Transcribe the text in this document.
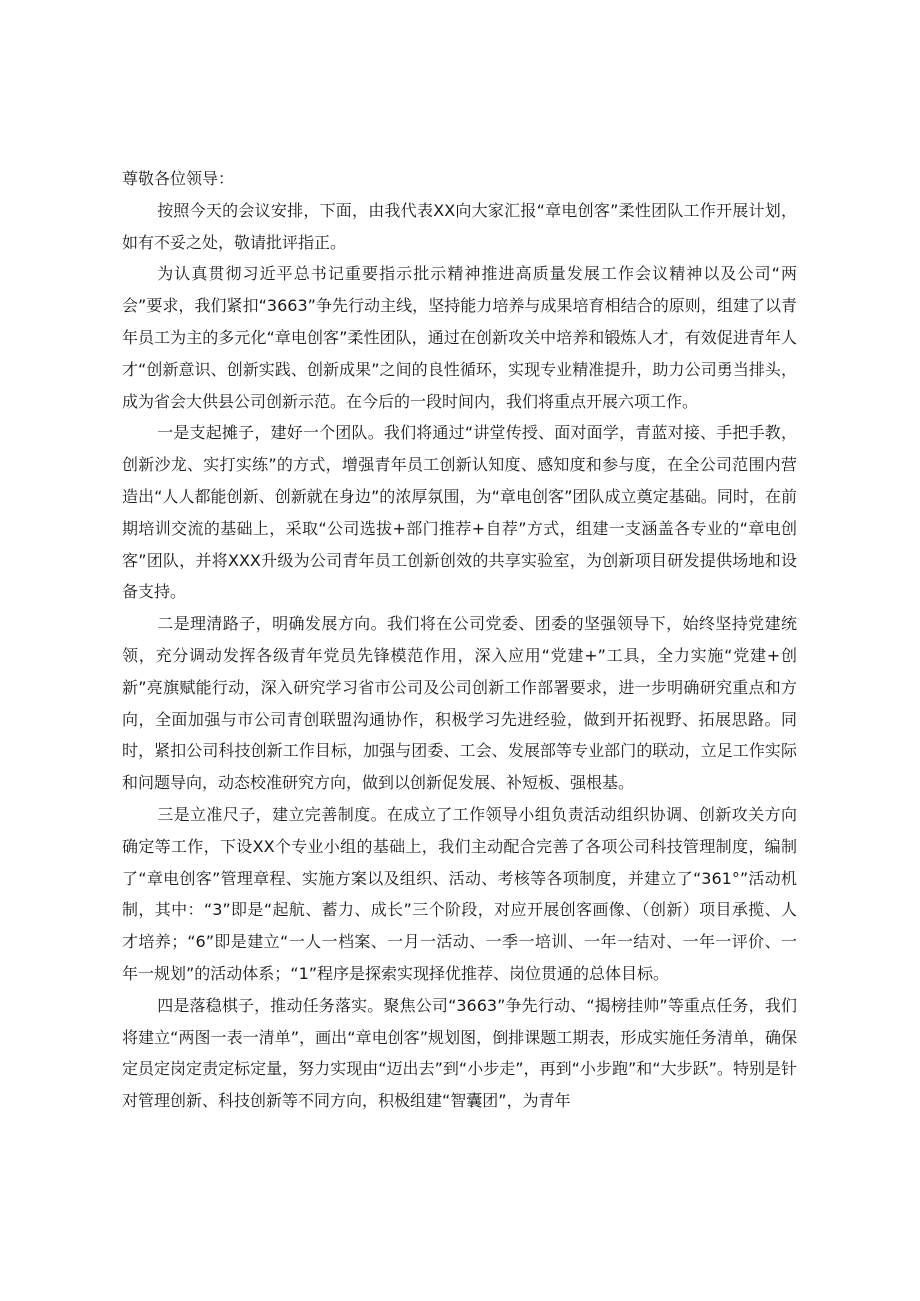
尊敬各位领导：

按照今天的会议安排，下面，由我代表XX向大家汇报“章电创客”柔性团队工作开展计划，如有不妥之处，敬请批评指正。

为认真贯彻习近平总书记重要指示批示精神推进高质量发展工作会议精神以及公司“两会”要求，我们紧扣“3663”争先行动主线，坚持能力培养与成果培育相结合的原则，组建了以青年员工为主的多元化“章电创客”柔性团队，通过在创新攻关中培养和锻炼人才，有效促进青年人才“创新意识、创新实践、创新成果”之间的良性循环，实现专业精准提升，助力公司勇当排头，成为省会大供县公司创新示范。在今后的一段时间内，我们将重点开展六项工作。

一是支起摊子，建好一个团队。我们将通过“讲堂传授、面对面学，青蓝对接、手把手教，创新沙龙、实打实练”的方式，增强青年员工创新认知度、感知度和参与度，在全公司范围内营造出“人人都能创新、创新就在身边”的浓厚氛围，为“章电创客”团队成立奠定基础。同时，在前期培训交流的基础上，采取“公司选拔+部门推荐+自荐”方式，组建一支涵盖各专业的“章电创客”团队，并将XXX升级为公司青年员工创新创效的共享实验室，为创新项目研发提供场地和设备支持。

二是理清路子，明确发展方向。我们将在公司党委、团委的坚强领导下，始终坚持党建统领，充分调动发挥各级青年党员先锋模范作用，深入应用“党建+”工具，全力实施“党建+创新”亮旗赋能行动，深入研究学习省市公司及公司创新工作部署要求，进一步明确研究重点和方向，全面加强与市公司青创联盟沟通协作，积极学习先进经验，做到开拓视野、拓展思路。同时，紧扣公司科技创新工作目标，加强与团委、工会、发展部等专业部门的联动，立足工作实际和问题导向，动态校准研究方向，做到以创新促发展、补短板、强根基。

三是立准尺子，建立完善制度。在成立了工作领导小组负责活动组织协调、创新攻关方向确定等工作，下设XX个专业小组的基础上，我们主动配合完善了各项公司科技管理制度，编制了“章电创客”管理章程、实施方案以及组织、活动、考核等各项制度，并建立了“361°”活动机制，其中：“3”即是“起航、蓄力、成长”三个阶段，对应开展创客画像、（创新）项目承揽、人才培养；“6”即是建立“一人一档案、一月一活动、一季一培训、一年一结对、一年一评价、一年一规划”的活动体系；“1”程序是探索实现择优推荐、岗位贯通的总体目标。

四是落稳棋子，推动任务落实。聚焦公司“3663”争先行动、“揭榜挂帅”等重点任务，我们将建立“两图一表一清单”，画出“章电创客”规划图，倒排课题工期表，形成实施任务清单，确保定员定岗定责定标定量，努力实现由“迈出去”到“小步走”，再到“小步跑”和“大步跃”。特别是针对管理创新、科技创新等不同方向，积极组建“智囊团”，为青年
